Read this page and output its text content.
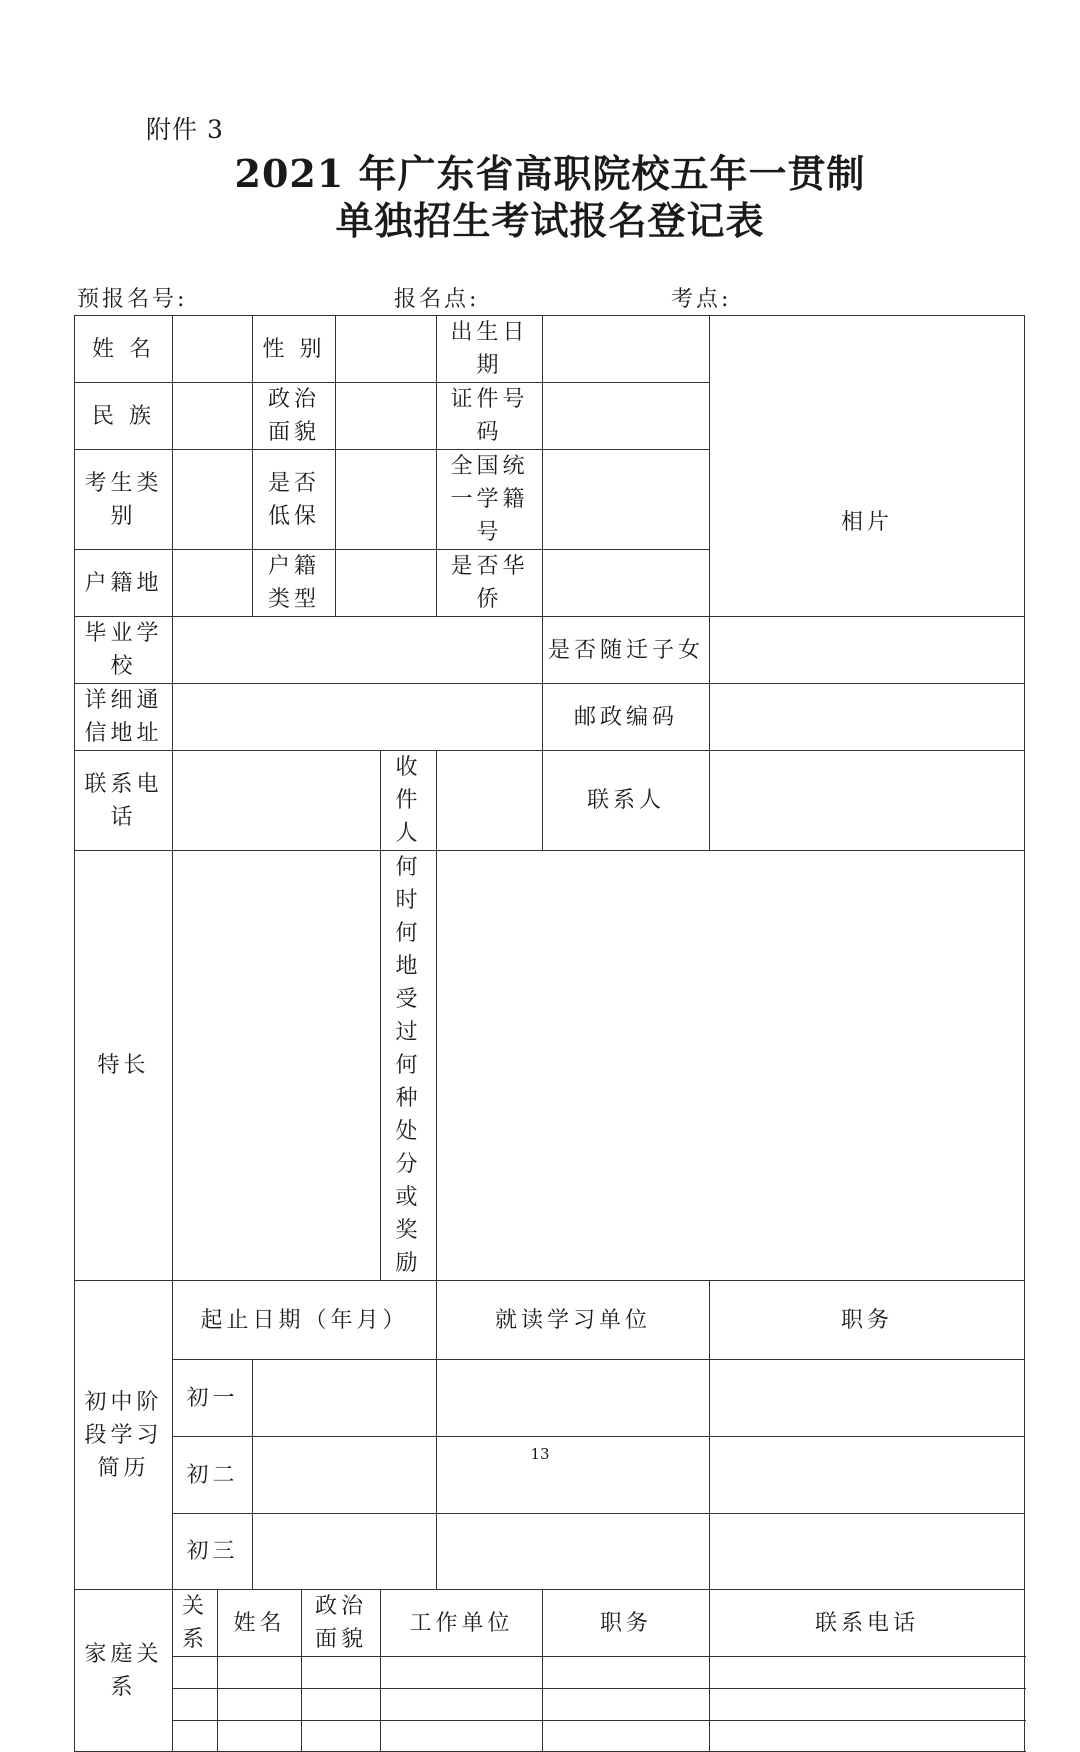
附件 3
2021 年广东省高职院校五年一贯制
单独招生考试报名登记表
预报名号:	报名点:	考点:
姓 名			性 别				出生日期		相片
民 族			政治面貌				证件号码		
考生类别			是否低保				全国统一学籍号		
户籍地			户籍类型				是否华侨		
毕业学校								是否随迁子女	
详细通信地址								邮政编码	
联系电话						收件人		联系人	
特长						何时何地受过何种处分或奖励			
初中阶段学习简历	起止日期（年月）						就读学习单位		职务
	初一								
	初二								
	初三								
家庭关系	关系	姓名		政治面貌		工作单位		职务	联系电话

13
